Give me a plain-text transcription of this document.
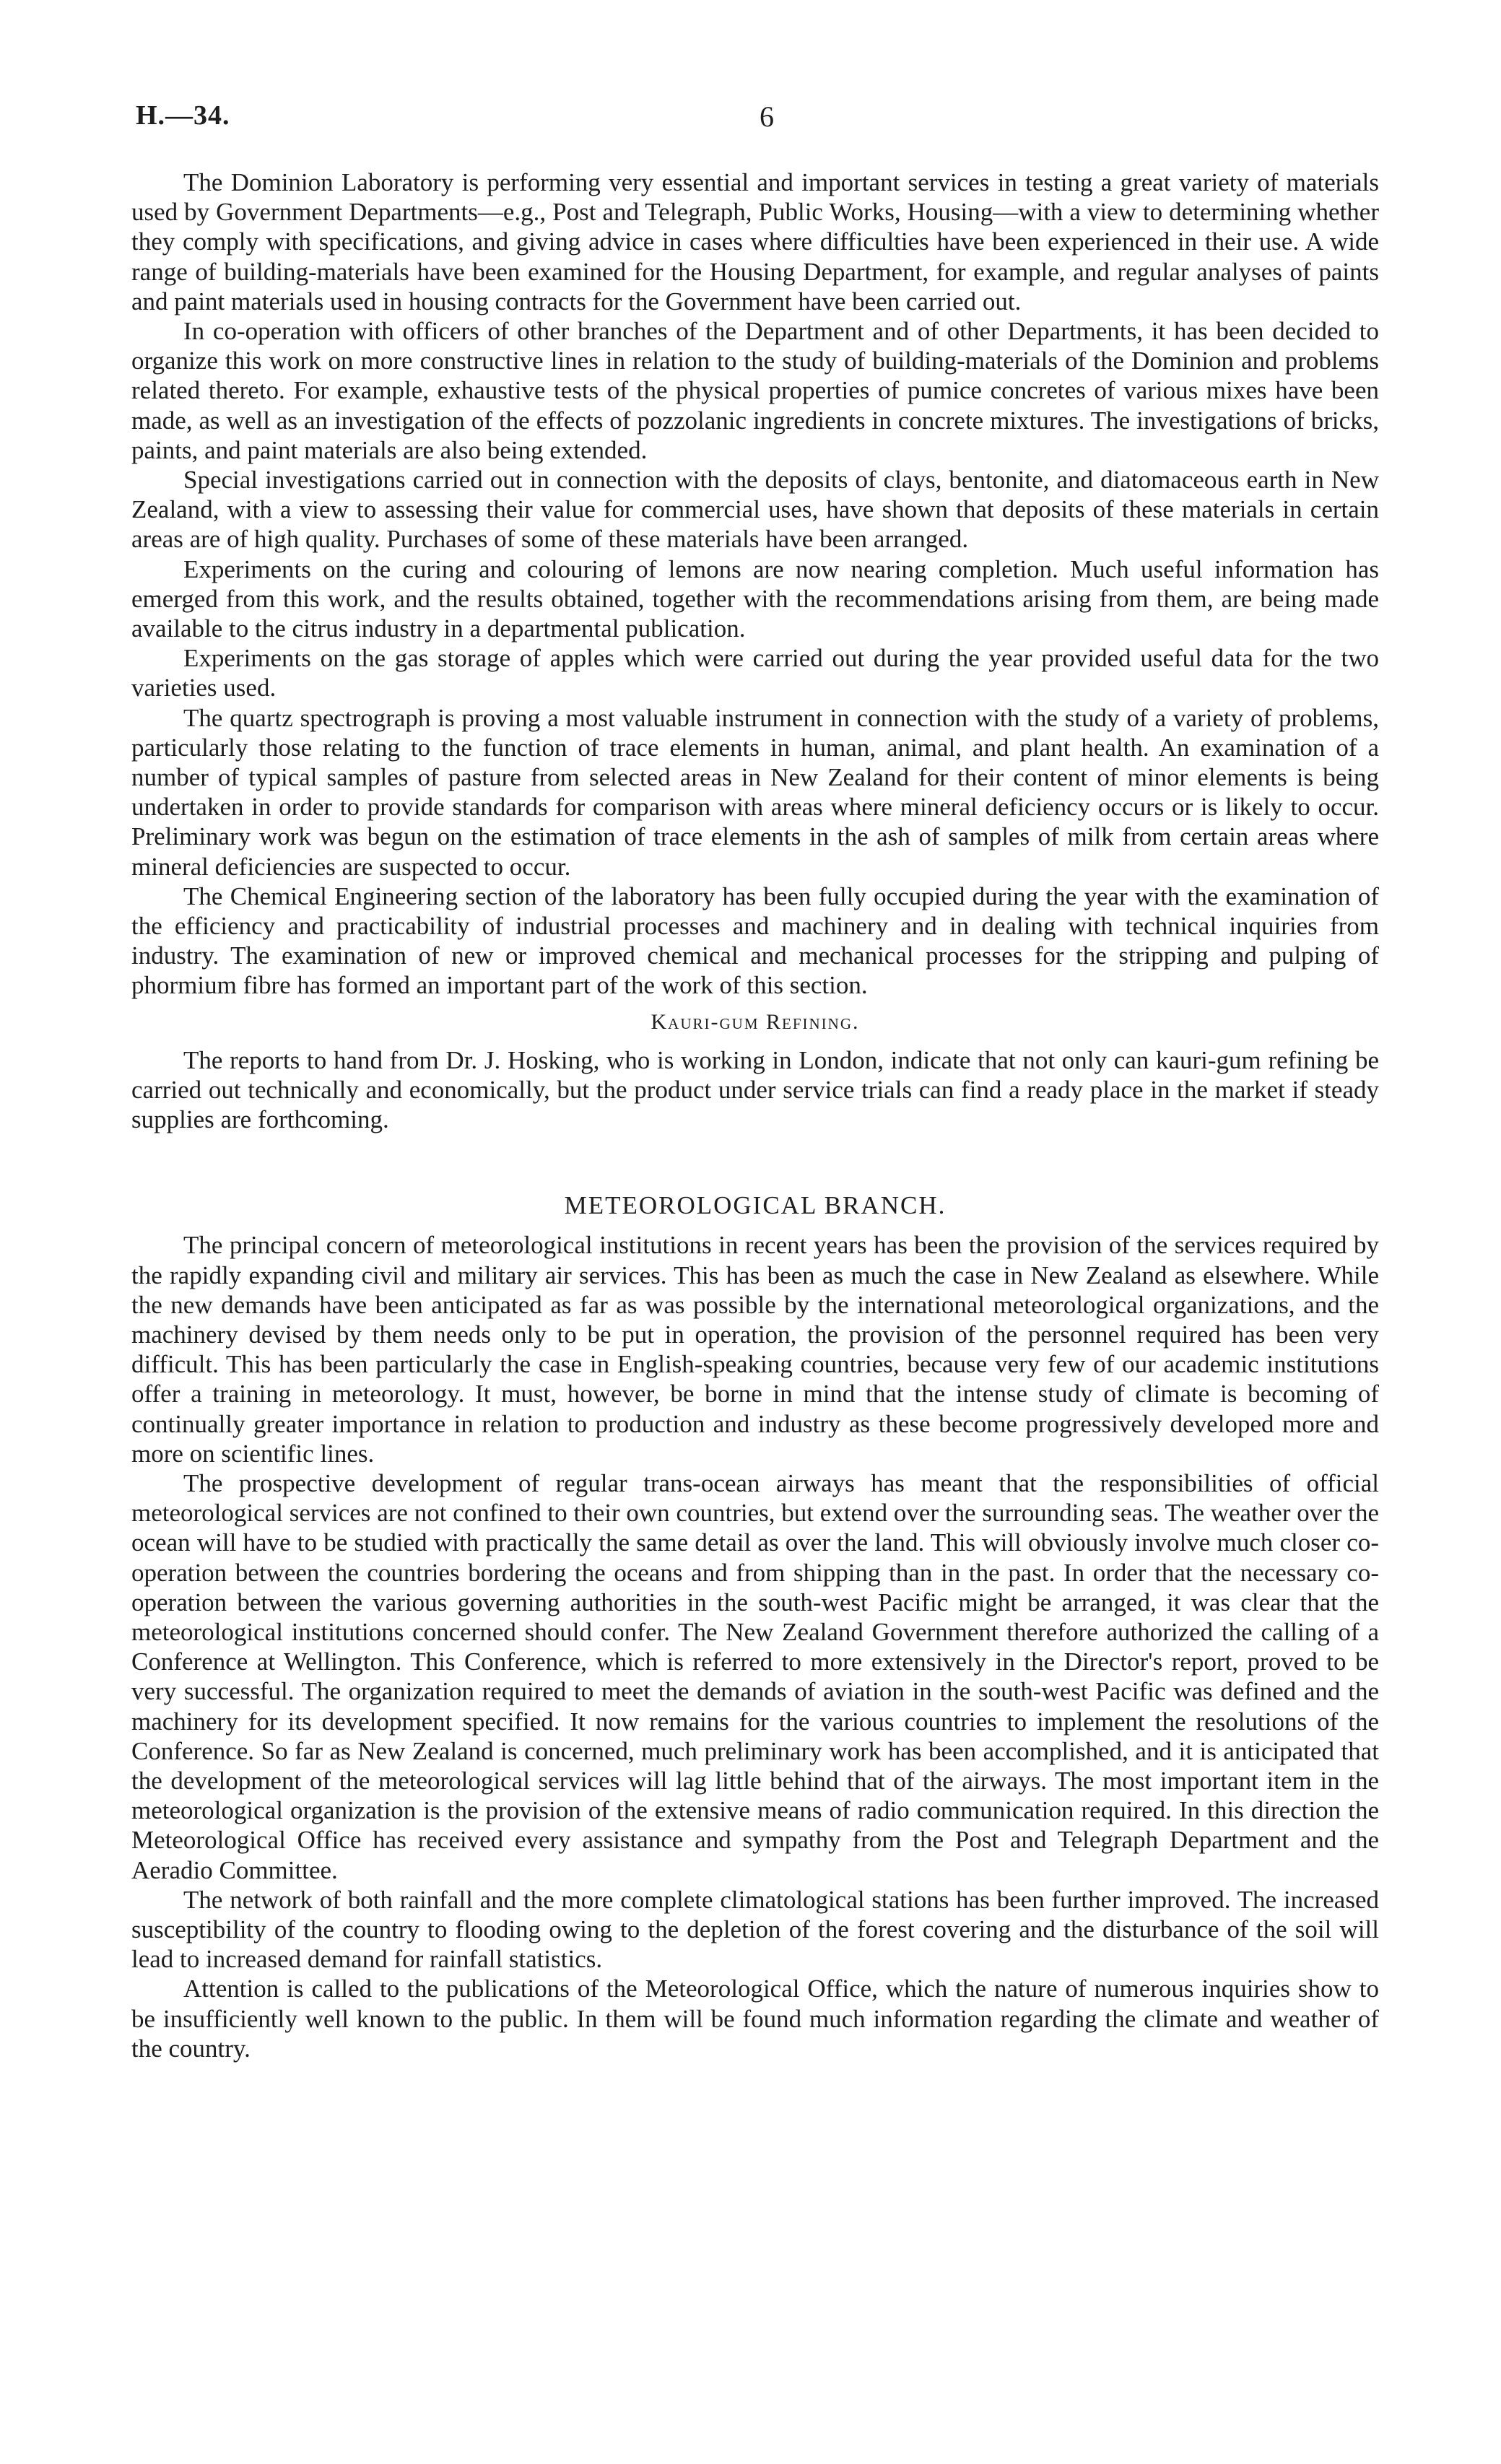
H.—34.	6

The Dominion Laboratory is performing very essential and important services in testing a great variety of materials used by Government Departments—e.g., Post and Telegraph, Public Works, Housing—with a view to determining whether they comply with specifications, and giving advice in cases where difficulties have been experienced in their use. A wide range of building-materials have been examined for the Housing Department, for example, and regular analyses of paints and paint materials used in housing contracts for the Government have been carried out.

In co-operation with officers of other branches of the Department and of other Departments, it has been decided to organize this work on more constructive lines in relation to the study of building-materials of the Dominion and problems related thereto. For example, exhaustive tests of the physical properties of pumice concretes of various mixes have been made, as well as an investigation of the effects of pozzolanic ingredients in concrete mixtures. The investigations of bricks, paints, and paint materials are also being extended.

Special investigations carried out in connection with the deposits of clays, bentonite, and diatomaceous earth in New Zealand, with a view to assessing their value for commercial uses, have shown that deposits of these materials in certain areas are of high quality. Purchases of some of these materials have been arranged.

Experiments on the curing and colouring of lemons are now nearing completion. Much useful information has emerged from this work, and the results obtained, together with the recommendations arising from them, are being made available to the citrus industry in a departmental publication.

Experiments on the gas storage of apples which were carried out during the year provided useful data for the two varieties used.

The quartz spectrograph is proving a most valuable instrument in connection with the study of a variety of problems, particularly those relating to the function of trace elements in human, animal, and plant health. An examination of a number of typical samples of pasture from selected areas in New Zealand for their content of minor elements is being undertaken in order to provide standards for comparison with areas where mineral deficiency occurs or is likely to occur. Preliminary work was begun on the estimation of trace elements in the ash of samples of milk from certain areas where mineral deficiencies are suspected to occur.

The Chemical Engineering section of the laboratory has been fully occupied during the year with the examination of the efficiency and practicability of industrial processes and machinery and in dealing with technical inquiries from industry. The examination of new or improved chemical and mechanical processes for the stripping and pulping of phormium fibre has formed an important part of the work of this section.

Kauri-gum Refining.

The reports to hand from Dr. J. Hosking, who is working in London, indicate that not only can kauri-gum refining be carried out technically and economically, but the product under service trials can find a ready place in the market if steady supplies are forthcoming.

METEOROLOGICAL BRANCH.

The principal concern of meteorological institutions in recent years has been the provision of the services required by the rapidly expanding civil and military air services. This has been as much the case in New Zealand as elsewhere. While the new demands have been anticipated as far as was possible by the international meteorological organizations, and the machinery devised by them needs only to be put in operation, the provision of the personnel required has been very difficult. This has been particularly the case in English-speaking countries, because very few of our academic institutions offer a training in meteorology. It must, however, be borne in mind that the intense study of climate is becoming of continually greater importance in relation to production and industry as these become progressively developed more and more on scientific lines.

The prospective development of regular trans-ocean airways has meant that the responsibilities of official meteorological services are not confined to their own countries, but extend over the surrounding seas. The weather over the ocean will have to be studied with practically the same detail as over the land. This will obviously involve much closer co-operation between the countries bordering the oceans and from shipping than in the past. In order that the necessary co-operation between the various governing authorities in the south-west Pacific might be arranged, it was clear that the meteorological institutions concerned should confer. The New Zealand Government therefore authorized the calling of a Conference at Wellington. This Conference, which is referred to more extensively in the Director's report, proved to be very successful. The organization required to meet the demands of aviation in the south-west Pacific was defined and the machinery for its development specified. It now remains for the various countries to implement the resolutions of the Conference. So far as New Zealand is concerned, much preliminary work has been accomplished, and it is anticipated that the development of the meteorological services will lag little behind that of the airways. The most important item in the meteorological organization is the provision of the extensive means of radio communication required. In this direction the Meteorological Office has received every assistance and sympathy from the Post and Telegraph Department and the Aeradio Committee.

The network of both rainfall and the more complete climatological stations has been further improved. The increased susceptibility of the country to flooding owing to the depletion of the forest covering and the disturbance of the soil will lead to increased demand for rainfall statistics.

Attention is called to the publications of the Meteorological Office, which the nature of numerous inquiries show to be insufficiently well known to the public. In them will be found much information regarding the climate and weather of the country.
